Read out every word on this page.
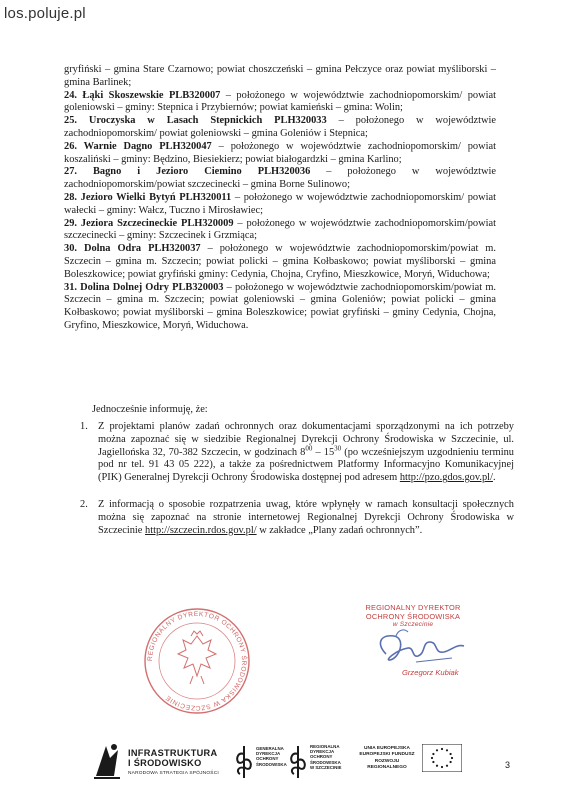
los.poluje.pl

gryfiński – gmina Stare Czarnowo; powiat choszczeński – gmina Pełczyce oraz powiat myśliborski – gmina Barlinek;

24. Łąki Skoszewskie PLB320007 – położonego w województwie zachodniopomorskim/ powiat goleniowski – gminy: Stepnica i Przybiernów; powiat kamieński – gmina: Wolin;

25. Uroczyska w Lasach Stepnickich PLH320033 – położonego w województwie zachodniopomorskim/ powiat goleniowski – gmina Goleniów i Stepnica;

26. Warnie Dagno PLH320047 – położonego w województwie zachodniopomorskim/ powiat koszaliński – gminy: Będzino, Biesiekierz; powiat białogardzki – gmina Karlino;

27. Bagno i Jezioro Ciemino PLH320036 – położonego w województwie zachodniopomorskim/powiat szczecinecki – gmina Borne Sulinowo;

28. Jezioro Wielki Bytyń PLH320011 – położonego w województwie zachodniopomorskim/ powiat wałecki – gminy: Wałcz, Tuczno i Mirosławiec;

29. Jeziora Szczecineckie PLH320009 – położonego w województwie zachodniopomorskim/powiat szczecinecki – gminy: Szczecinek i Grzmiąca;

30. Dolna Odra PLH320037 – położonego w województwie zachodniopomorskim/powiat m. Szczecin – gmina m. Szczecin; powiat policki – gmina Kołbaskowo; powiat myśliborski – gmina Boleszkowice; powiat gryfiński gminy: Cedynia, Chojna, Cryfino, Mieszkowice, Moryń, Widuchowa;

31. Dolina Dolnej Odry PLB320003 – położonego w województwie zachodniopomorskim/powiat m. Szczecin – gmina m. Szczecin; powiat goleniowski – gmina Goleniów; powiat policki – gmina Kołbaskowo; powiat myśliborski – gmina Boleszkowice; powiat gryfiński – gminy Cedynia, Chojna, Gryfino, Mieszkowice, Moryń, Widuchowa.

Jednocześnie informuję, że:
1. Z projektami planów zadań ochronnych oraz dokumentacjami sporządzonymi na ich potrzeby można zapoznać się w siedzibie Regionalnej Dyrekcji Ochrony Środowiska w Szczecinie, ul. Jagiellońska 32, 70-382 Szczecin, w godzinach $8^{00} - 15^{30}$ (po wcześniejszym uzgodnieniu terminu pod nr tel. 91 43 05 222), a także za pośrednictwem Platformy Informacyjno Komunikacyjnej (PIK) Generalnej Dyrekcji Ochrony Środowiska dostępnej pod adresem http://pzo.gdos.gov.pl/.
2. Z informacją o sposobie rozpatrzenia uwag, które wpłynęły w ramach konsultacji społecznych można się zapoznać na stronie internetowej Regionalnej Dyrekcji Ochrony Środowiska w Szczecinie http://szczecin.rdos.gov.pl/ w zakładce „Plany zadań ochronnych”.
REGIONALNY DYREKTOR OCHRONY ŚRODOWISKA W SZCZECINIE
REGIONALNY DYREKTOR
OCHRONY ŚRODOWISKA
w Szczecinie
Grzegorz Kubiak
INFRASTRUKTURA
I ŚRODOWISKO
NARODOWA STRATEGIA SPÓJNOŚCI
GENERALNA
DYREKCJA
OCHRONY
ŚRODOWISKA
REGIONALNA
DYREKCJA
OCHRONY
ŚRODOWISKA
W SZCZECINIE
UNIA EUROPEJSKA
EUROPEJSKI FUNDUSZ
ROZWOJU REGIONALNEGO	3
